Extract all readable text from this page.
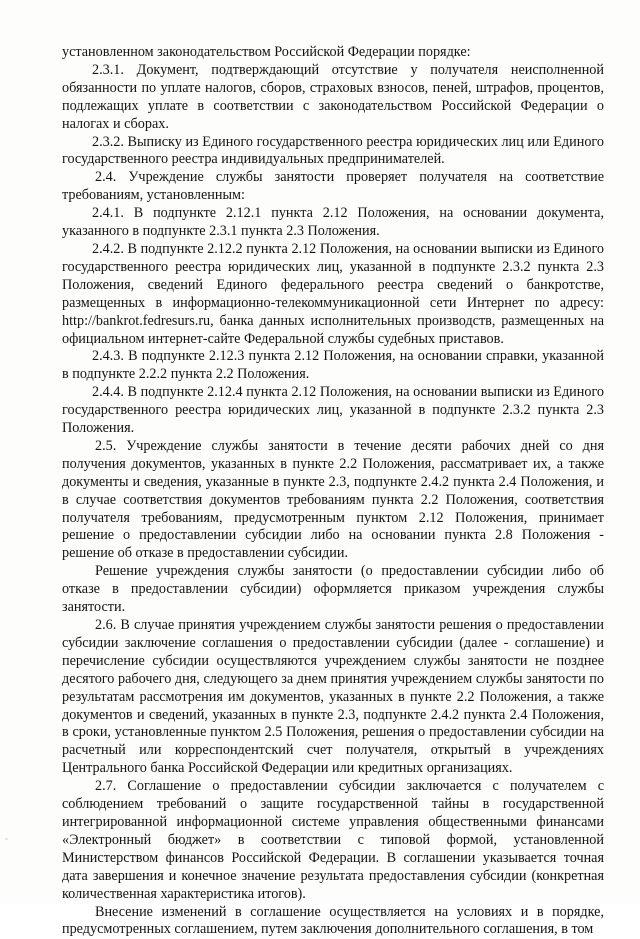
установленном законодательством Российской Федерации порядке:

2.3.1. Документ, подтверждающий отсутствие у получателя неисполненной обязанности по уплате налогов, сборов, страховых взносов, пеней, штрафов, процентов, подлежащих уплате в соответствии с законодательством Российской Федерации о налогах и сборах.

2.3.2. Выписку из Единого государственного реестра юридических лиц или Единого государственного реестра индивидуальных предпринимателей.

2.4. Учреждение службы занятости проверяет получателя на соответствие требованиям, установленным:

2.4.1. В подпункте 2.12.1 пункта 2.12 Положения, на основании документа, указанного в подпункте 2.3.1 пункта 2.3 Положения.

2.4.2. В подпункте 2.12.2 пункта 2.12 Положения, на основании выписки из Единого государственного реестра юридических лиц, указанной в подпункте 2.3.2 пункта 2.3 Положения, сведений Единого федерального реестра сведений о банкротстве, размещенных в информационно-телекоммуникационной сети Интернет по адресу: http://bankrot.fedresurs.ru, банка данных исполнительных производств, размещенных на официальном интернет-сайте Федеральной службы судебных приставов.

2.4.3. В подпункте 2.12.3 пункта 2.12 Положения, на основании справки, указанной в подпункте 2.2.2 пункта 2.2 Положения.

2.4.4. В подпункте 2.12.4 пункта 2.12 Положения, на основании выписки из Единого государственного реестра юридических лиц, указанной в подпункте 2.3.2 пункта 2.3 Положения.

2.5. Учреждение службы занятости в течение десяти рабочих дней со дня получения документов, указанных в пункте 2.2 Положения, рассматривает их, а также документы и сведения, указанные в пункте 2.3, подпункте 2.4.2 пункта 2.4 Положения, и в случае соответствия документов требованиям пункта 2.2 Положения, соответствия получателя требованиям, предусмотренным пунктом 2.12 Положения, принимает решение о предоставлении субсидии либо на основании пункта 2.8 Положения - решение об отказе в предоставлении субсидии.

Решение учреждения службы занятости (о предоставлении субсидии либо об отказе в предоставлении субсидии) оформляется приказом учреждения службы занятости.

2.6. В случае принятия учреждением службы занятости решения о предоставлении субсидии заключение соглашения о предоставлении субсидии (далее - соглашение) и перечисление субсидии осуществляются учреждением службы занятости не позднее десятого рабочего дня, следующего за днем принятия учреждением службы занятости по результатам рассмотрения им документов, указанных в пункте 2.2 Положения, а также документов и сведений, указанных в пункте 2.3, подпункте 2.4.2 пункта 2.4 Положения, в сроки, установленные пунктом 2.5 Положения, решения о предоставлении субсидии на расчетный или корреспондентский счет получателя, открытый в учреждениях Центрального банка Российской Федерации или кредитных организациях.

2.7. Соглашение о предоставлении субсидии заключается с получателем с соблюдением требований о защите государственной тайны в государственной интегрированной информационной системе управления общественными финансами «Электронный бюджет» в соответствии с типовой формой, установленной Министерством финансов Российской Федерации. В соглашении указывается точная дата завершения и конечное значение результата предоставления субсидии (конкретная количественная характеристика итогов).

Внесение изменений в соглашение осуществляется на условиях и в порядке, предусмотренных соглашением, путем заключения дополнительного соглашения, в том
